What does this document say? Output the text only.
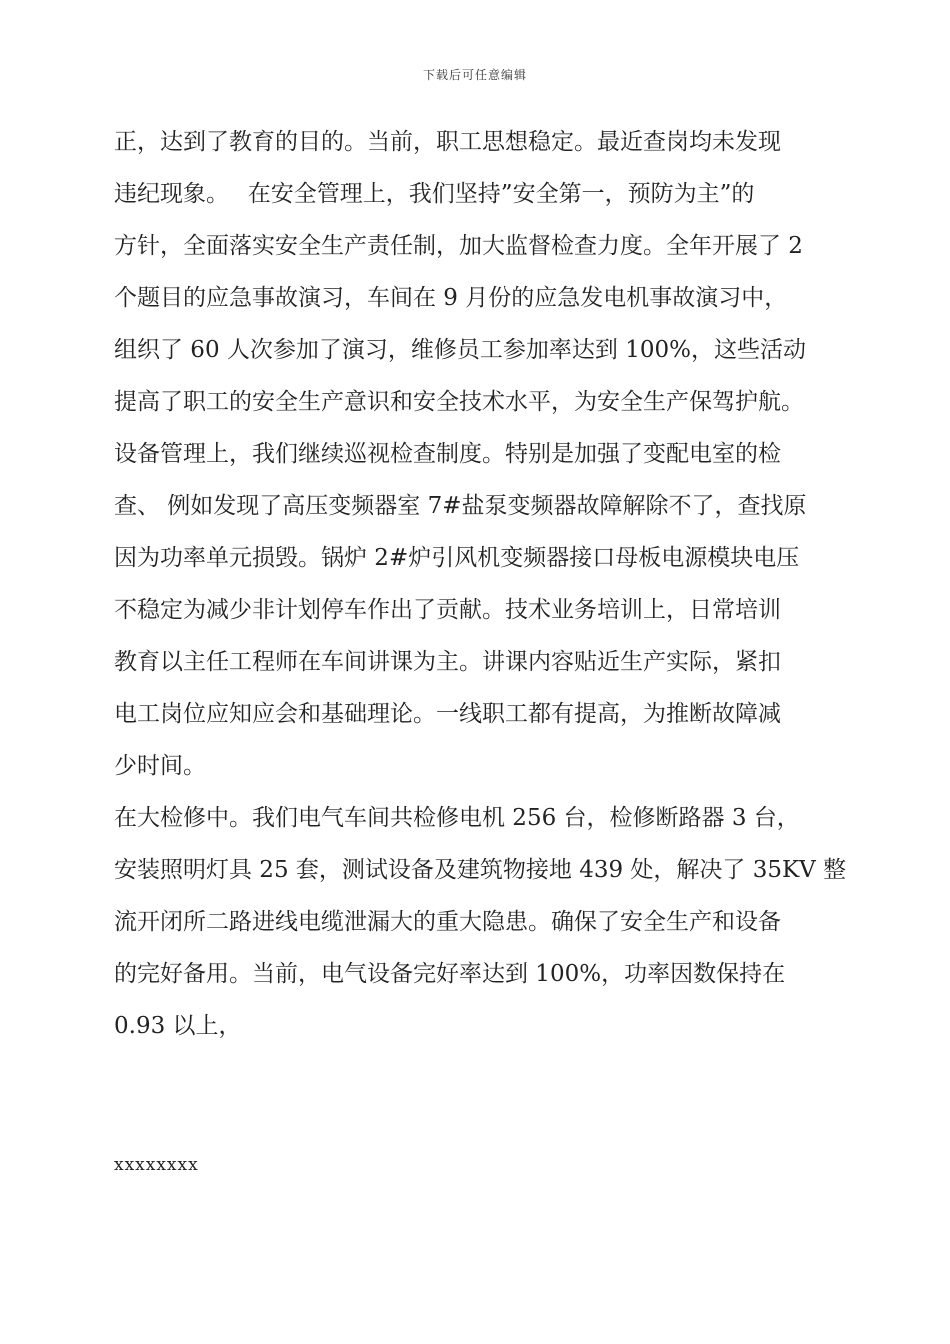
下载后可任意编辑
正，达到了教育的目的。当前，职工思想稳定。最近查岗均未发现
违纪现象。　 在安全管理上，我们坚持”安全第一，预防为主”的
方针，全面落实安全生产责任制，加大监督检查力度。全年开展了 2
个题目的应急事故演习，车间在 9 月份的应急发电机事故演习中，
组织了 60 人次参加了演习，维修员工参加率达到 100%，这些活动
提高了职工的安全生产意识和安全技术水平，为安全生产保驾护航。
设备管理上，我们继续巡视检查制度。特别是加强了变配电室的检
查、 例如发现了高压变频器室 7#盐泵变频器故障解除不了，查找原
因为功率单元损毁。锅炉 2#炉引风机变频器接口母板电源模块电压
不稳定为减少非计划停车作出了贡献。技术业务培训上，日常培训
教育以主任工程师在车间讲课为主。讲课内容贴近生产实际，紧扣
电工岗位应知应会和基础理论。一线职工都有提高，为推断故障减
少时间。
在大检修中。我们电气车间共检修电机 256 台，检修断路器 3 台，
安装照明灯具 25 套，测试设备及建筑物接地 439 处，解决了 35KV 整
流开闭所二路进线电缆泄漏大的重大隐患。确保了安全生产和设备
的完好备用。当前，电气设备完好率达到 100%，功率因数保持在
0.93 以上，
xxxxxxxx
